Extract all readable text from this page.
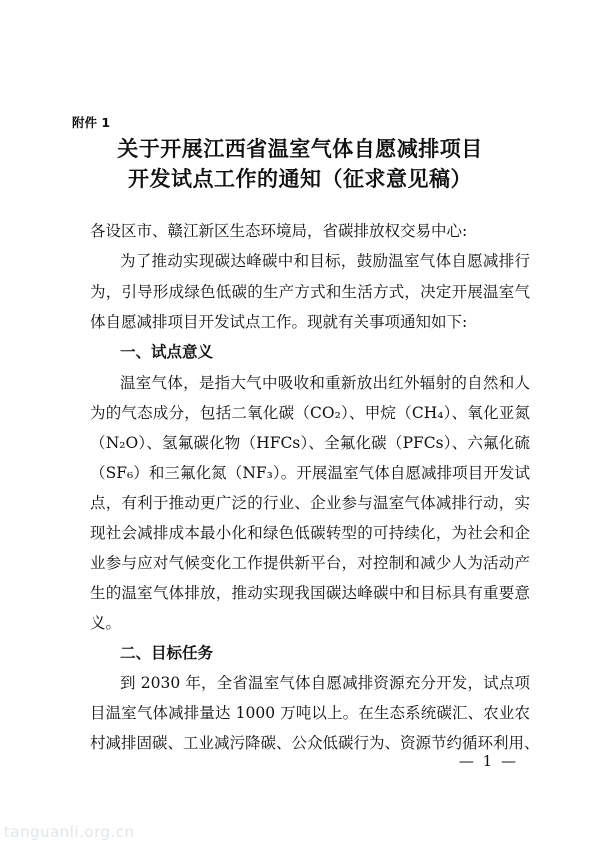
附件 1

关于开展江西省温室气体自愿减排项目
开发试点工作的通知（征求意见稿）

各设区市、赣江新区生态环境局，省碳排放权交易中心:

为了推动实现碳达峰碳中和目标，鼓励温室气体自愿减排行

为，引导形成绿色低碳的生产方式和生活方式，决定开展温室气

体自愿减排项目开发试点工作。现就有关事项通知如下:

一、试点意义

温室气体，是指大气中吸收和重新放出红外辐射的自然和人

为的气态成分，包括二氧化碳（CO₂）、甲烷（CH₄）、氧化亚氮

（N₂O）、氢氟碳化物（HFCs）、全氟化碳（PFCs）、六氟化硫

（SF₆）和三氟化氮（NF₃）。开展温室气体自愿减排项目开发试

点，有利于推动更广泛的行业、企业参与温室气体减排行动，实

现社会减排成本最小化和绿色低碳转型的可持续化，为社会和企

业参与应对气候变化工作提供新平台，对控制和减少人为活动产

生的温室气体排放，推动实现我国碳达峰碳中和目标具有重要意

义。

二、目标任务

到 2030 年，全省温室气体自愿减排资源充分开发，试点项

目温室气体减排量达 1000 万吨以上。在生态系统碳汇、农业农

村减排固碳、工业减污降碳、公众低碳行为、资源节约循环利用、

— 1 —

tanguanli.org.cn
